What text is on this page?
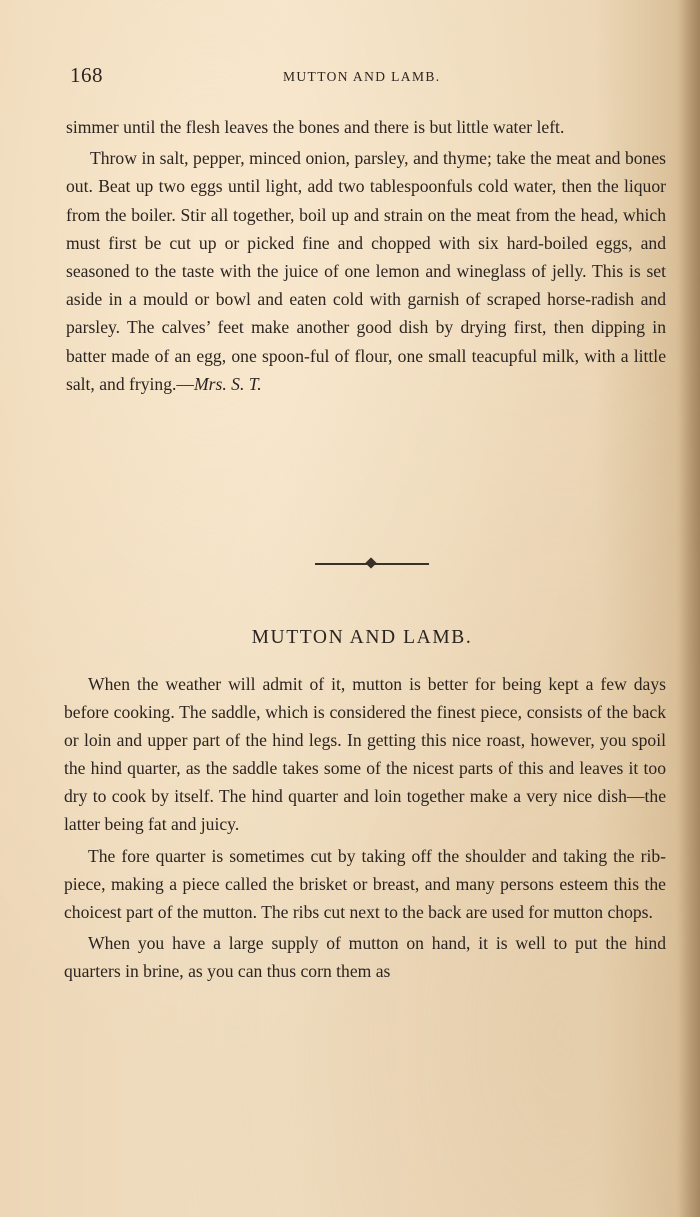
168	MUTTON AND LAMB.

simmer until the flesh leaves the bones and there is but little water left.

Throw in salt, pepper, minced onion, parsley, and thyme; take the meat and bones out. Beat up two eggs until light, add two tablespoonfuls cold water, then the liquor from the boiler. Stir all together, boil up and strain on the meat from the head, which must first be cut up or picked fine and chopped with six hard-boiled eggs, and seasoned to the taste with the juice of one lemon and wineglass of jelly. This is set aside in a mould or bowl and eaten cold with garnish of scraped horse-radish and parsley. The calves’ feet make another good dish by drying first, then dipping in batter made of an egg, one spoon-ful of flour, one small teacupful milk, with a little salt, and frying.—Mrs. S. T.

MUTTON AND LAMB.

When the weather will admit of it, mutton is better for being kept a few days before cooking. The saddle, which is considered the finest piece, consists of the back or loin and upper part of the hind legs. In getting this nice roast, however, you spoil the hind quarter, as the saddle takes some of the nicest parts of this and leaves it too dry to cook by itself. The hind quarter and loin together make a very nice dish—the latter being fat and juicy.

The fore quarter is sometimes cut by taking off the shoulder and taking the rib-piece, making a piece called the brisket or breast, and many persons esteem this the choicest part of the mutton. The ribs cut next to the back are used for mutton chops.

When you have a large supply of mutton on hand, it is well to put the hind quarters in brine, as you can thus corn them as
